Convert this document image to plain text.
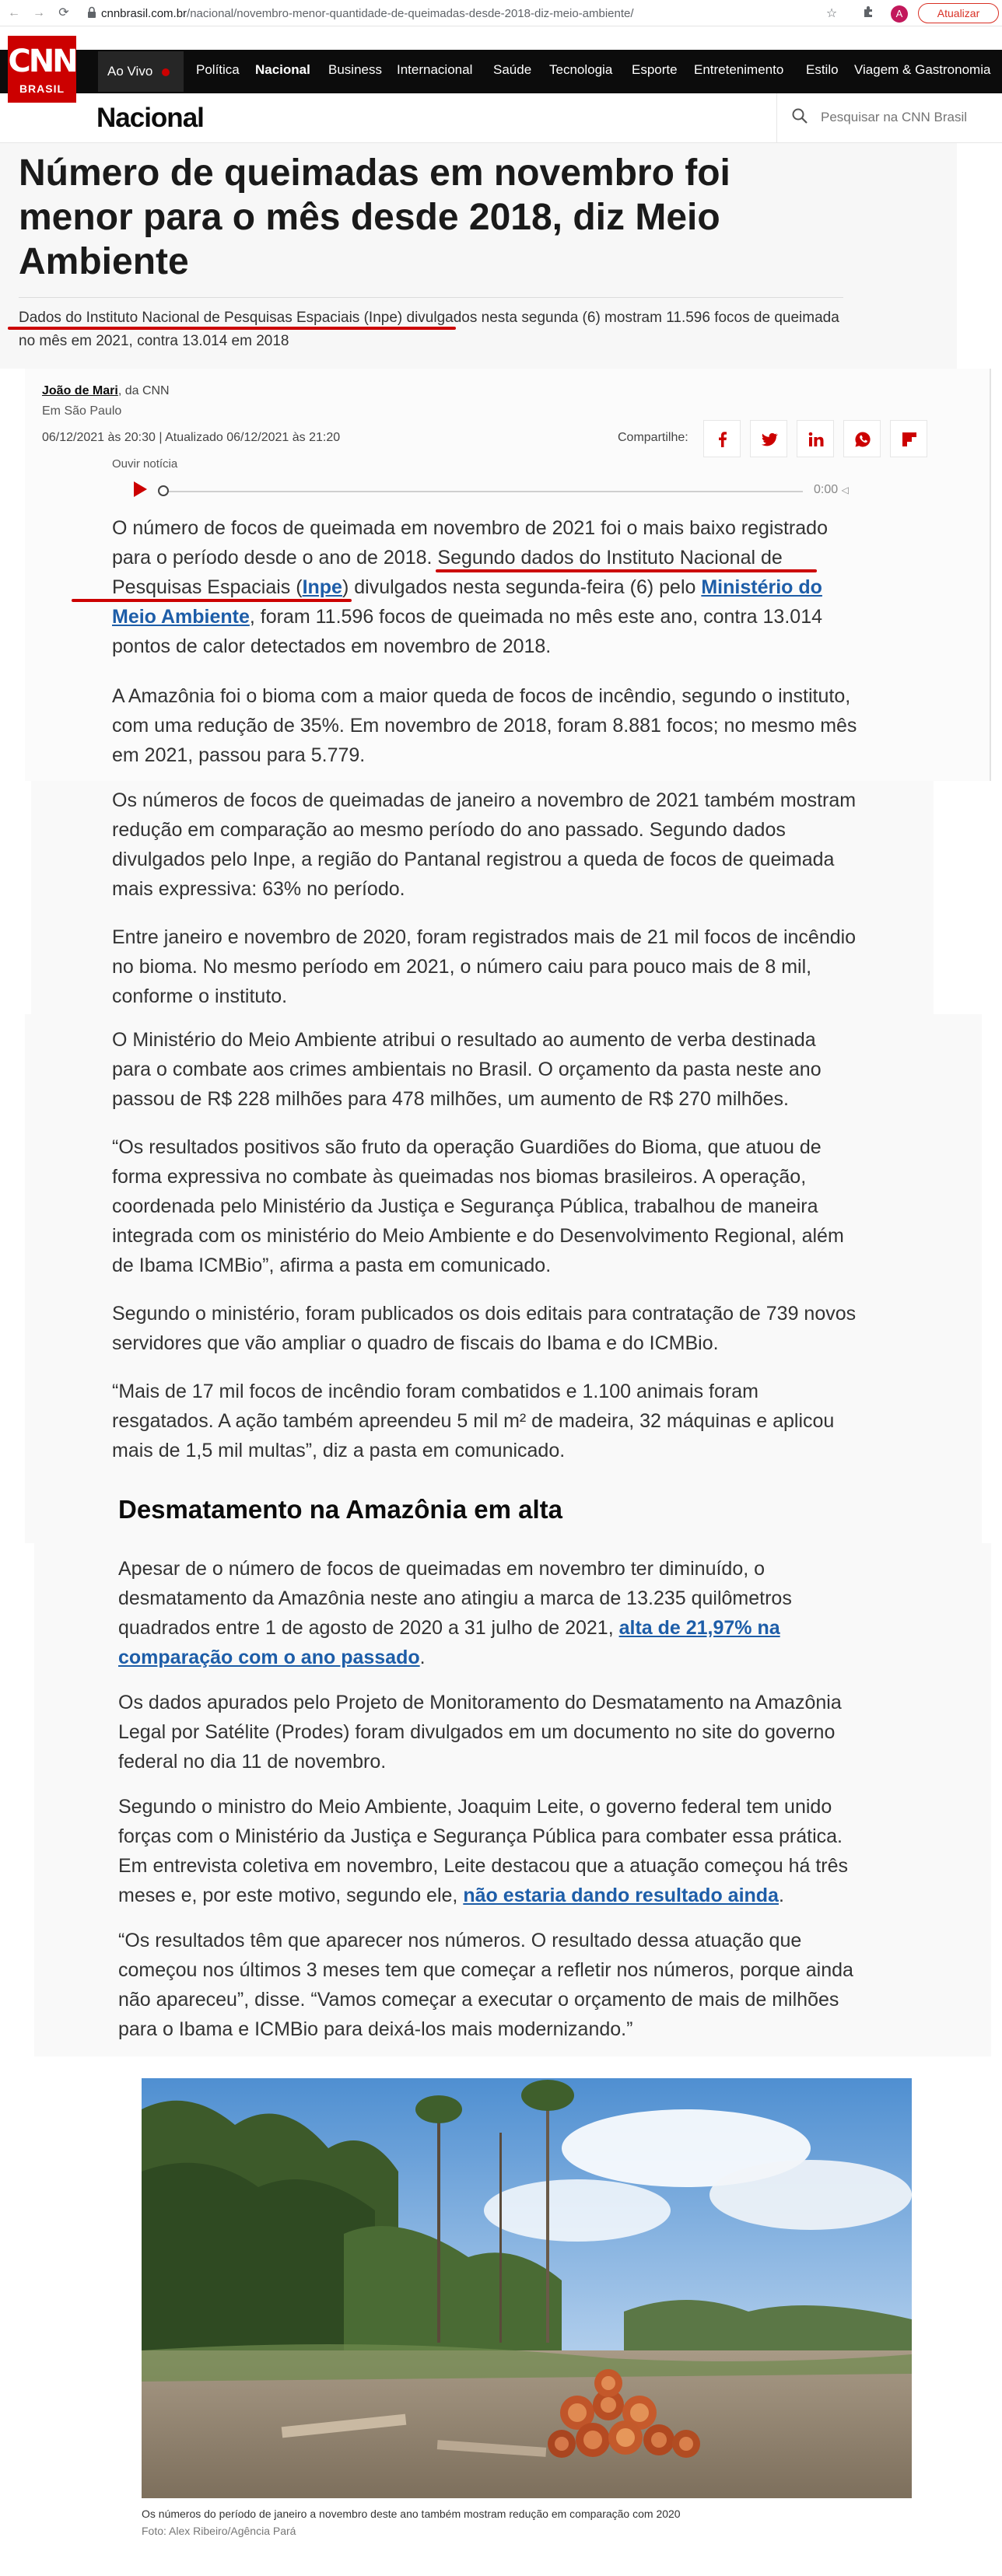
← → ⟳	cnnbrasil.com.br/nacional/novembro-menor-quantidade-de-queimadas-desde-2018-diz-meio-ambiente/	☆	A	Atualizar
CNN
BRASIL
Ao Vivo	Política Nacional Business Internacional Saúde Tecnologia Esporte Entretenimento Estilo Viagem & Gastronomia
Nacional
Pesquisar na CNN Brasil
Número de queimadas em novembro foi menor para o mês desde 2018, diz Meio Ambiente

Dados do Instituto Nacional de Pesquisas Espaciais (Inpe) divulgados nesta segunda (6) mostram 11.596 focos de queimada no mês em 2021, contra 13.014 em 2018

João de Mari, da CNN
Em São Paulo
06/12/2021 às 20:30 | Atualizado 06/12/2021 às 21:20	Compartilhe:
Ouvir notícia
0:00 ◁

O número de focos de queimada em novembro de 2021 foi o mais baixo registrado para o período desde o ano de 2018. Segundo dados do Instituto Nacional de Pesquisas Espaciais (Inpe) divulgados nesta segunda-feira (6) pelo Ministério do Meio Ambiente, foram 11.596 focos de queimada no mês este ano, contra 13.014 pontos de calor detectados em novembro de 2018.

A Amazônia foi o bioma com a maior queda de focos de incêndio, segundo o instituto, com uma redução de 35%. Em novembro de 2018, foram 8.881 focos; no mesmo mês em 2021, passou para 5.779.

Os números de focos de queimadas de janeiro a novembro de 2021 também mostram redução em comparação ao mesmo período do ano passado. Segundo dados divulgados pelo Inpe, a região do Pantanal registrou a queda de focos de queimada mais expressiva: 63% no período.

Entre janeiro e novembro de 2020, foram registrados mais de 21 mil focos de incêndio no bioma. No mesmo período em 2021, o número caiu para pouco mais de 8 mil, conforme o instituto.

O Ministério do Meio Ambiente atribui o resultado ao aumento de verba destinada para o combate aos crimes ambientais no Brasil. O orçamento da pasta neste ano passou de R$ 228 milhões para 478 milhões, um aumento de R$ 270 milhões.

“Os resultados positivos são fruto da operação Guardiões do Bioma, que atuou de forma expressiva no combate às queimadas nos biomas brasileiros. A operação, coordenada pelo Ministério da Justiça e Segurança Pública, trabalhou de maneira integrada com os ministério do Meio Ambiente e do Desenvolvimento Regional, além de Ibama ICMBio”, afirma a pasta em comunicado.

Segundo o ministério, foram publicados os dois editais para contratação de 739 novos servidores que vão ampliar o quadro de fiscais do Ibama e do ICMBio.

“Mais de 17 mil focos de incêndio foram combatidos e 1.100 animais foram resgatados. A ação também apreendeu 5 mil m² de madeira, 32 máquinas e aplicou mais de 1,5 mil multas”, diz a pasta em comunicado.

Desmatamento na Amazônia em alta

Apesar de o número de focos de queimadas em novembro ter diminuído, o desmatamento da Amazônia neste ano atingiu a marca de 13.235 quilômetros quadrados entre 1 de agosto de 2020 a 31 julho de 2021, alta de 21,97% na comparação com o ano passado.

Os dados apurados pelo Projeto de Monitoramento do Desmatamento na Amazônia Legal por Satélite (Prodes) foram divulgados em um documento no site do governo federal no dia 11 de novembro.

Segundo o ministro do Meio Ambiente, Joaquim Leite, o governo federal tem unido forças com o Ministério da Justiça e Segurança Pública para combater essa prática. Em entrevista coletiva em novembro, Leite destacou que a atuação começou há três meses e, por este motivo, segundo ele, não estaria dando resultado ainda.

“Os resultados têm que aparecer nos números. O resultado dessa atuação que começou nos últimos 3 meses tem que começar a refletir nos números, porque ainda não apareceu”, disse. “Vamos começar a executar o orçamento de mais de milhões para o Ibama e ICMBio para deixá-los mais modernizando.”

Os números do período de janeiro a novembro deste ano também mostram redução em comparação com 2020
Foto: Alex Ribeiro/Agência Pará
